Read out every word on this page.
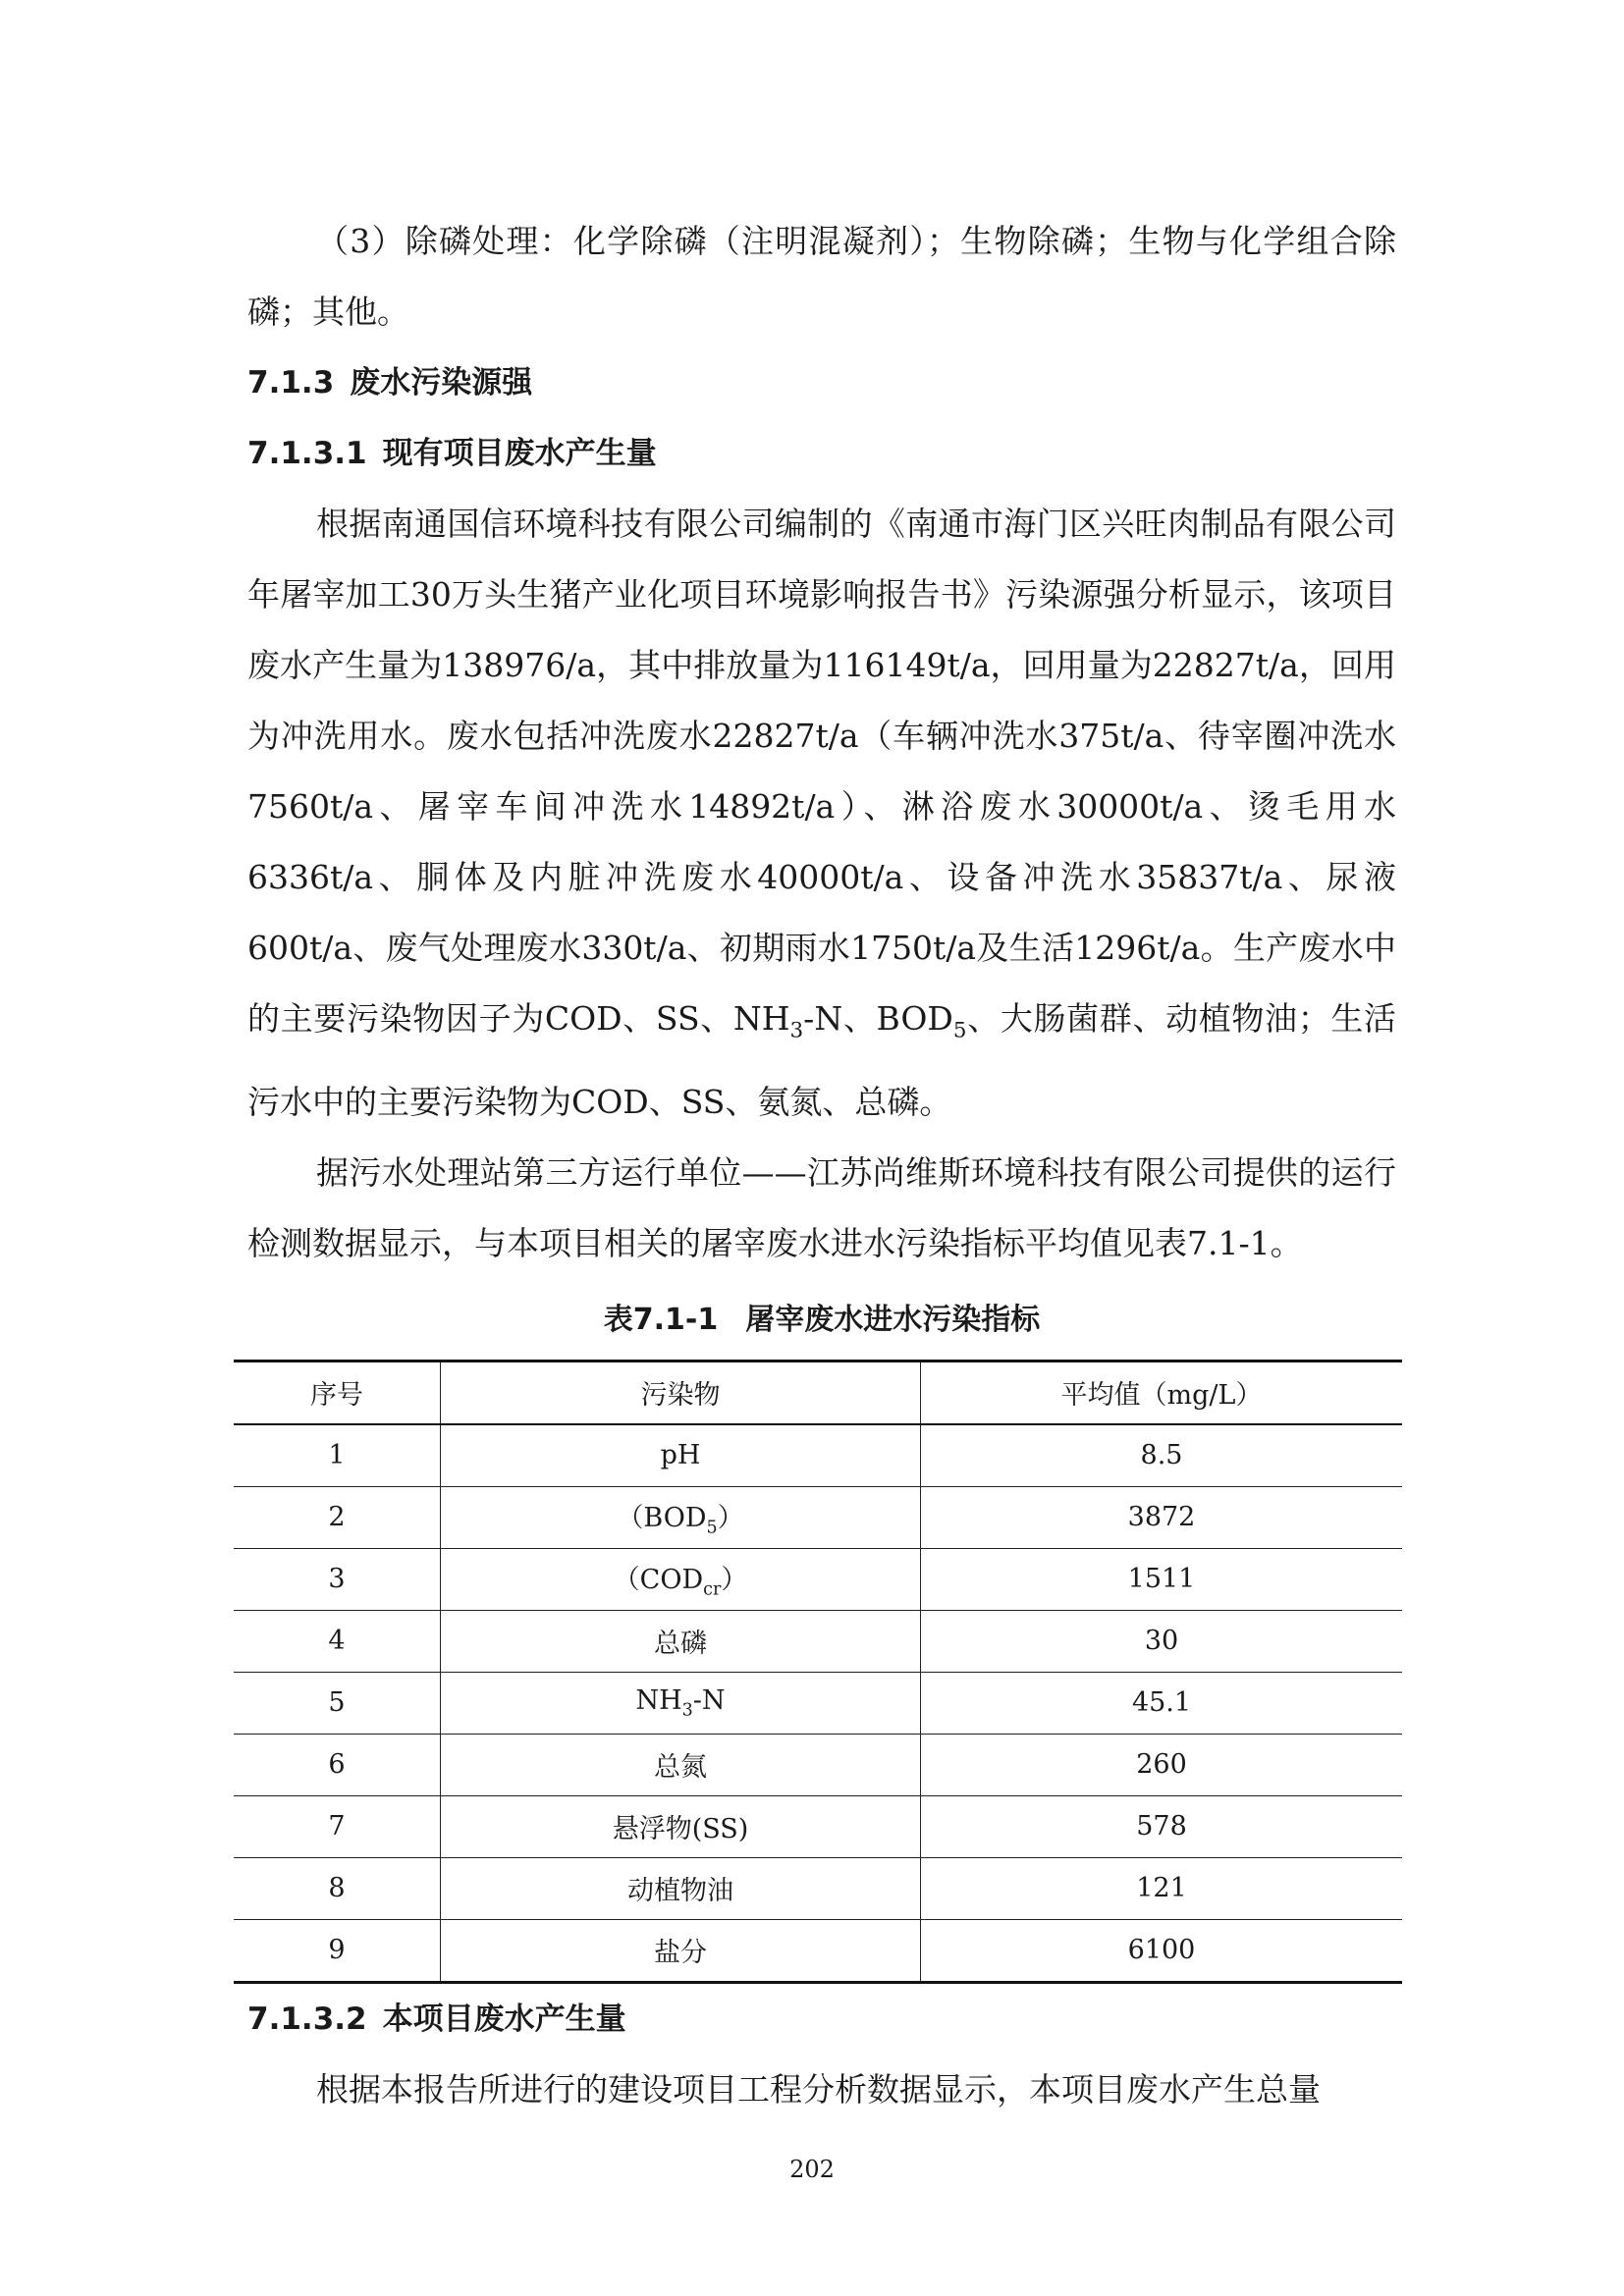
（3）除磷处理：化学除磷（注明混凝剂）；生物除磷；生物与化学组合除磷；其他。

7.1.3 废水污染源强
7.1.3.1 现有项目废水产生量

根据南通国信环境科技有限公司编制的《南通市海门区兴旺肉制品有限公司年屠宰加工30万头生猪产业化项目环境影响报告书》污染源强分析显示，该项目废水产生量为138976/a，其中排放量为116149t/a，回用量为22827t/a，回用为冲洗用水。废水包括冲洗废水22827t/a（车辆冲洗水375t/a、待宰圈冲洗水7560t/a、屠宰车间冲洗水14892t/a）、淋浴废水30000t/a、烫毛用水6336t/a、胴体及内脏冲洗废水40000t/a、设备冲洗水35837t/a、尿液600t/a、废气处理废水330t/a、初期雨水1750t/a及生活1296t/a。生产废水中的主要污染物因子为COD、SS、$NH_3-N$、$BOD_5$、大肠菌群、动植物油；生活污水中的主要污染物为COD、SS、氨氮、总磷。

据污水处理站第三方运行单位——江苏尚维斯环境科技有限公司提供的运行检测数据显示，与本项目相关的屠宰废水进水污染指标平均值见表7.1-1。

表7.1-1 屠宰废水进水污染指标
序号	污染物	平均值（mg/L）
1	pH	8.5
2	$(BOD_5)$	3872
3	$(COD_{cr})$	1511
4	总磷	30
5	$NH_3-N$	45.1
6	总氮	260
7	悬浮物(SS)	578
8	动植物油	121
9	盐分	6100
7.1.3.2 本项目废水产生量

根据本报告所进行的建设项目工程分析数据显示，本项目废水产生总量

202
